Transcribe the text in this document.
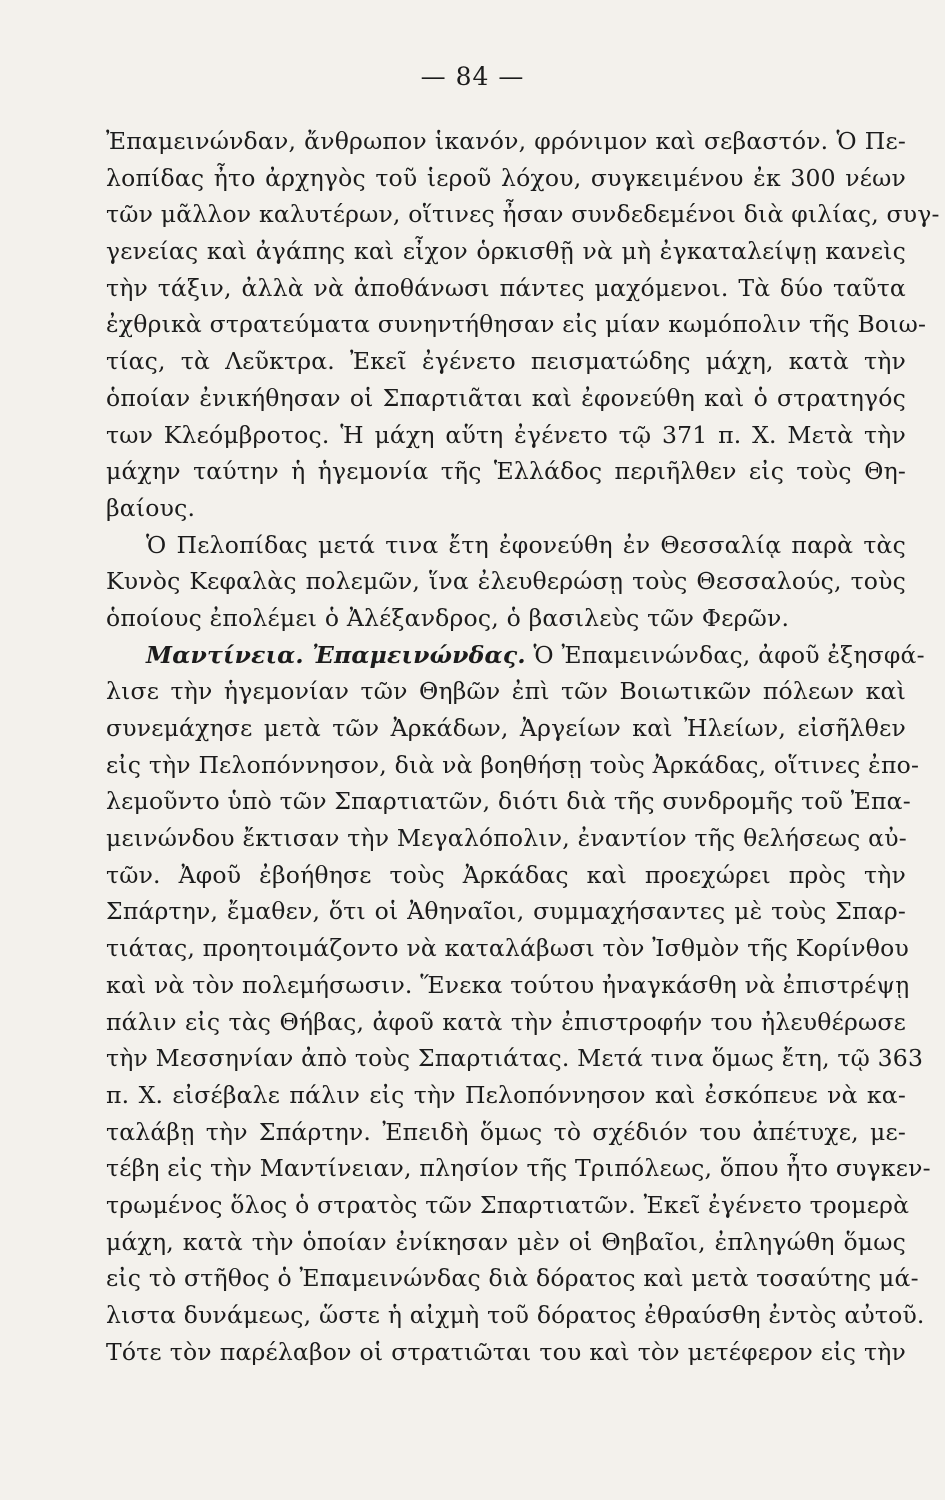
— 84 —
Ἐπαμεινώνδαν, ἄνθρωπον ἱκανόν, φρόνιμον καὶ σεβαστόν. Ὁ Πε-
λοπίδας ἦτο ἀρχηγὸς τοῦ ἱεροῦ λόχου, συγκειμένου ἐκ 300 νέων
τῶν μᾶλλον καλυτέρων, οἵτινες ἦσαν συνδεδεμένοι διὰ φιλίας, συγ-
γενείας καὶ ἀγάπης καὶ εἶχον ὁρκισθῇ νὰ μὴ ἐγκαταλείψῃ κανεὶς
τὴν τάξιν, ἀλλὰ νὰ ἀποθάνωσι πάντες μαχόμενοι. Τὰ δύο ταῦτα
ἐχθρικὰ στρατεύματα συνηντήθησαν εἰς μίαν κωμόπολιν τῆς Βοιω-
τίας, τὰ Λεῦκτρα. Ἐκεῖ ἐγένετο πεισματώδης μάχη, κατὰ τὴν
ὁποίαν ἐνικήθησαν οἱ Σπαρτιᾶται καὶ ἐφονεύθη καὶ ὁ στρατηγός
των Κλεόμβροτος. Ἡ μάχη αὕτη ἐγένετο τῷ 371 π. Χ. Μετὰ τὴν
μάχην ταύτην ἡ ἡγεμονία τῆς Ἑλλάδος περιῆλθεν εἰς τοὺς Θη-
βαίους.
Ὁ Πελοπίδας μετά τινα ἔτη ἐφονεύθη ἐν Θεσσαλίᾳ παρὰ τὰς
Κυνὸς Κεφαλὰς πολεμῶν, ἵνα ἐλευθερώσῃ τοὺς Θεσσαλούς, τοὺς
ὁποίους ἐπολέμει ὁ Ἀλέξανδρος, ὁ βασιλεὺς τῶν Φερῶν.
Μαντίνεια. Ἐπαμεινώνδας. Ὁ Ἐπαμεινώνδας, ἀφοῦ ἐξησφά-
λισε τὴν ἡγεμονίαν τῶν Θηβῶν ἐπὶ τῶν Βοιωτικῶν πόλεων καὶ
συνεμάχησε μετὰ τῶν Ἀρκάδων, Ἀργείων καὶ Ἠλείων, εἰσῆλθεν
εἰς τὴν Πελοπόννησον, διὰ νὰ βοηθήσῃ τοὺς Ἀρκάδας, οἵτινες ἐπο-
λεμοῦντο ὑπὸ τῶν Σπαρτιατῶν, διότι διὰ τῆς συνδρομῆς τοῦ Ἐπα-
μεινώνδου ἔκτισαν τὴν Μεγαλόπολιν, ἐναντίον τῆς θελήσεως αὐ-
τῶν. Ἀφοῦ ἐβοήθησε τοὺς Ἀρκάδας καὶ προεχώρει πρὸς τὴν
Σπάρτην, ἔμαθεν, ὅτι οἱ Ἀθηναῖοι, συμμαχήσαντες μὲ τοὺς Σπαρ-
τιάτας, προητοιμάζοντο νὰ καταλάβωσι τὸν Ἰσθμὸν τῆς Κορίνθου
καὶ νὰ τὸν πολεμήσωσιν. Ἕνεκα τούτου ἠναγκάσθη νὰ ἐπιστρέψῃ
πάλιν εἰς τὰς Θήβας, ἀφοῦ κατὰ τὴν ἐπιστροφήν του ἠλευθέρωσε
τὴν Μεσσηνίαν ἀπὸ τοὺς Σπαρτιάτας. Μετά τινα ὅμως ἔτη, τῷ 363
π. Χ. εἰσέβαλε πάλιν εἰς τὴν Πελοπόννησον καὶ ἐσκόπευε νὰ κα-
ταλάβῃ τὴν Σπάρτην. Ἐπειδὴ ὅμως τὸ σχέδιόν του ἀπέτυχε, με-
τέβη εἰς τὴν Μαντίνειαν, πλησίον τῆς Τριπόλεως, ὅπου ἦτο συγκεν-
τρωμένος ὅλος ὁ στρατὸς τῶν Σπαρτιατῶν. Ἐκεῖ ἐγένετο τρομερὰ
μάχη, κατὰ τὴν ὁποίαν ἐνίκησαν μὲν οἱ Θηβαῖοι, ἐπληγώθη ὅμως
εἰς τὸ στῆθος ὁ Ἐπαμεινώνδας διὰ δόρατος καὶ μετὰ τοσαύτης μά-
λιστα δυνάμεως, ὥστε ἡ αἰχμὴ τοῦ δόρατος ἐθραύσθη ἐντὸς αὐτοῦ.
Τότε τὸν παρέλαβον οἱ στρατιῶται του καὶ τὸν μετέφερον εἰς τὴν
